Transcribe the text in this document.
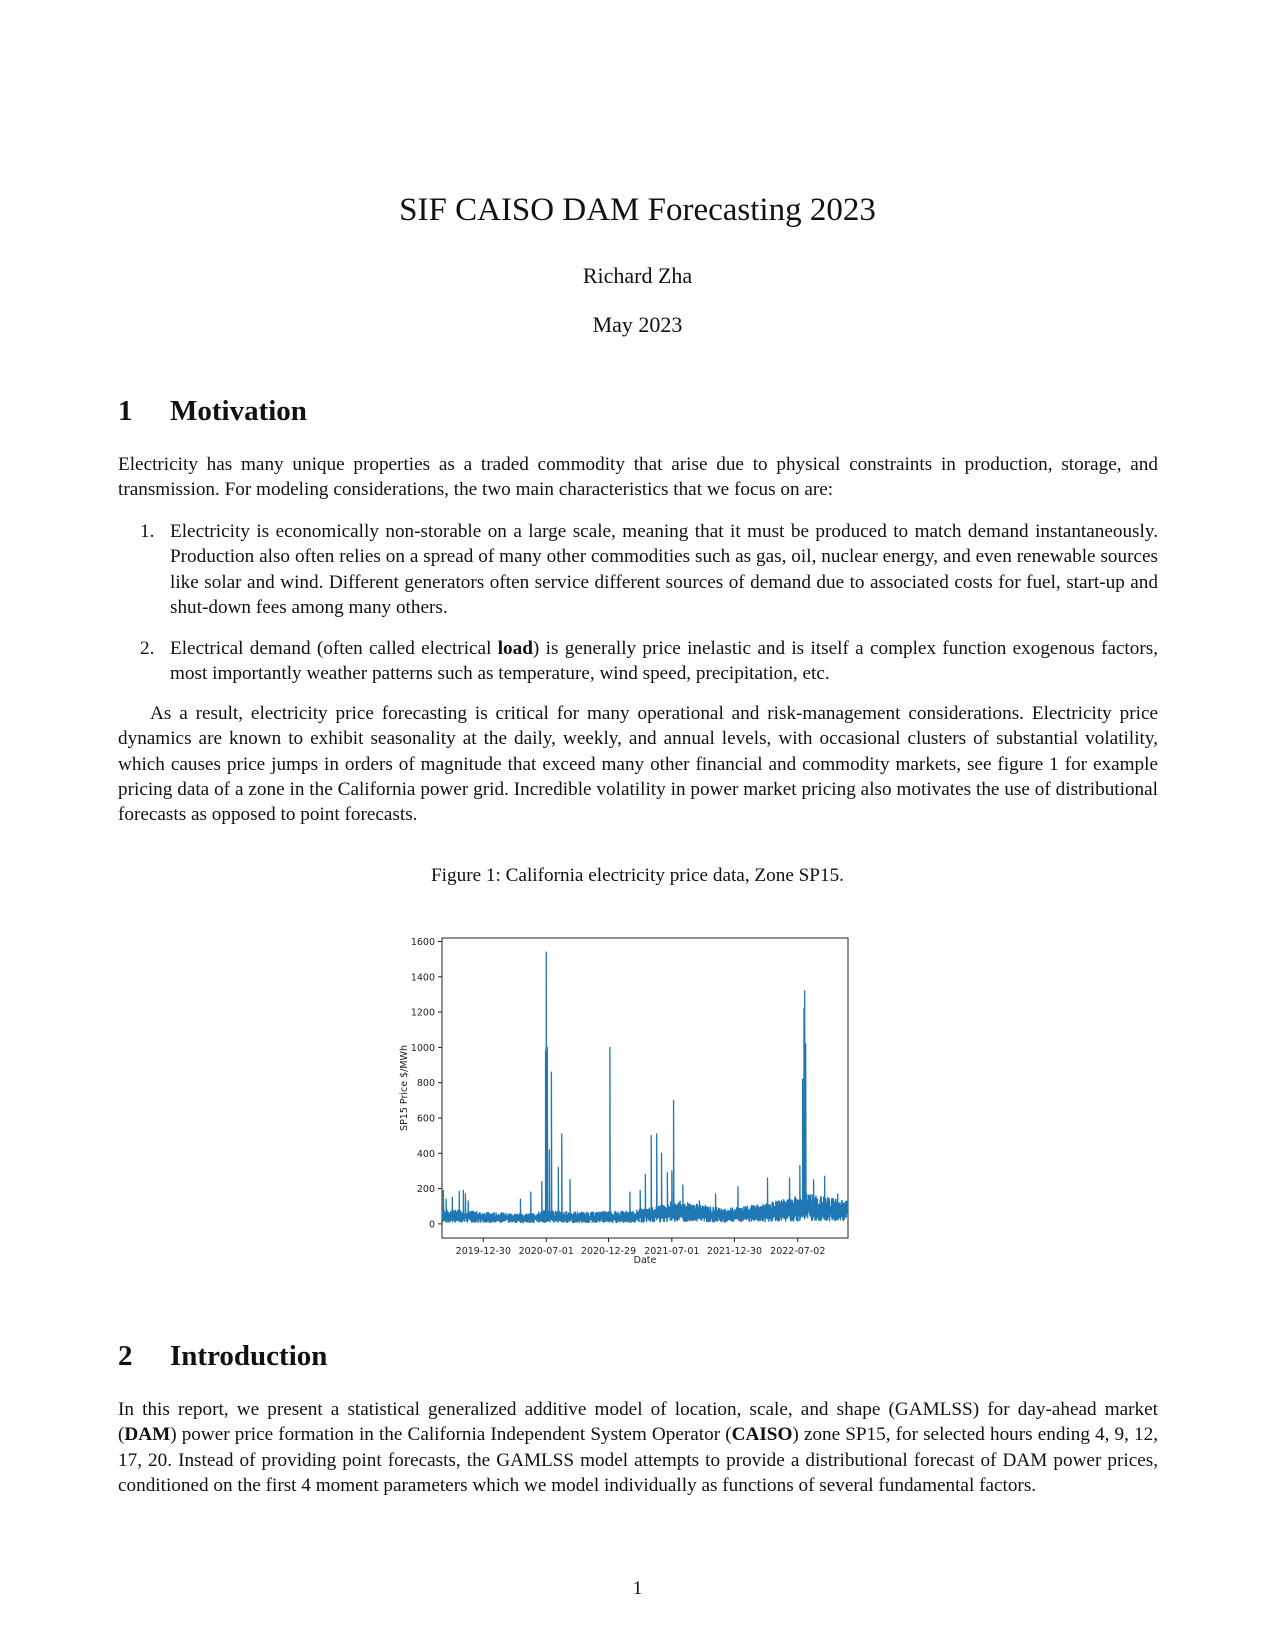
SIF CAISO DAM Forecasting 2023
Richard Zha
May 2023
1 Motivation

Electricity has many unique properties as a traded commodity that arise due to physical constraints in production, storage, and transmission. For modeling considerations, the two main characteristics that we focus on are:

1. Electricity is economically non-storable on a large scale, meaning that it must be produced to match demand instantaneously. Production also often relies on a spread of many other commodities such as gas, oil, nuclear energy, and even renewable sources like solar and wind. Different generators often service different sources of demand due to associated costs for fuel, start-up and shut-down fees among many others.
2. Electrical demand (often called electrical load) is generally price inelastic and is itself a complex function exogenous factors, most importantly weather patterns such as temperature, wind speed, precipitation, etc.

As a result, electricity price forecasting is critical for many operational and risk-management considerations. Electricity price dynamics are known to exhibit seasonality at the daily, weekly, and annual levels, with occasional clusters of substantial volatility, which causes price jumps in orders of magnitude that exceed many other financial and commodity markets, see figure 1 for example pricing data of a zone in the California power grid. Incredible volatility in power market pricing also motivates the use of distributional forecasts as opposed to point forecasts.

Figure 1: California electricity price data, Zone SP15.
0
200
400
600
800
1000
1200
1400
1600
2019-12-30 2020-07-01 2020-12-29 2021-07-01 2021-12-30 2022-07-02
Date
SP15 Price $/MWh
2 Introduction

In this report, we present a statistical generalized additive model of location, scale, and shape (GAMLSS) for day-ahead market (DAM) power price formation in the California Independent System Operator (CAISO) zone SP15, for selected hours ending 4, 9, 12, 17, 20. Instead of providing point forecasts, the GAMLSS model attempts to provide a distributional forecast of DAM power prices, conditioned on the first 4 moment parameters which we model individually as functions of several fundamental factors.

1
